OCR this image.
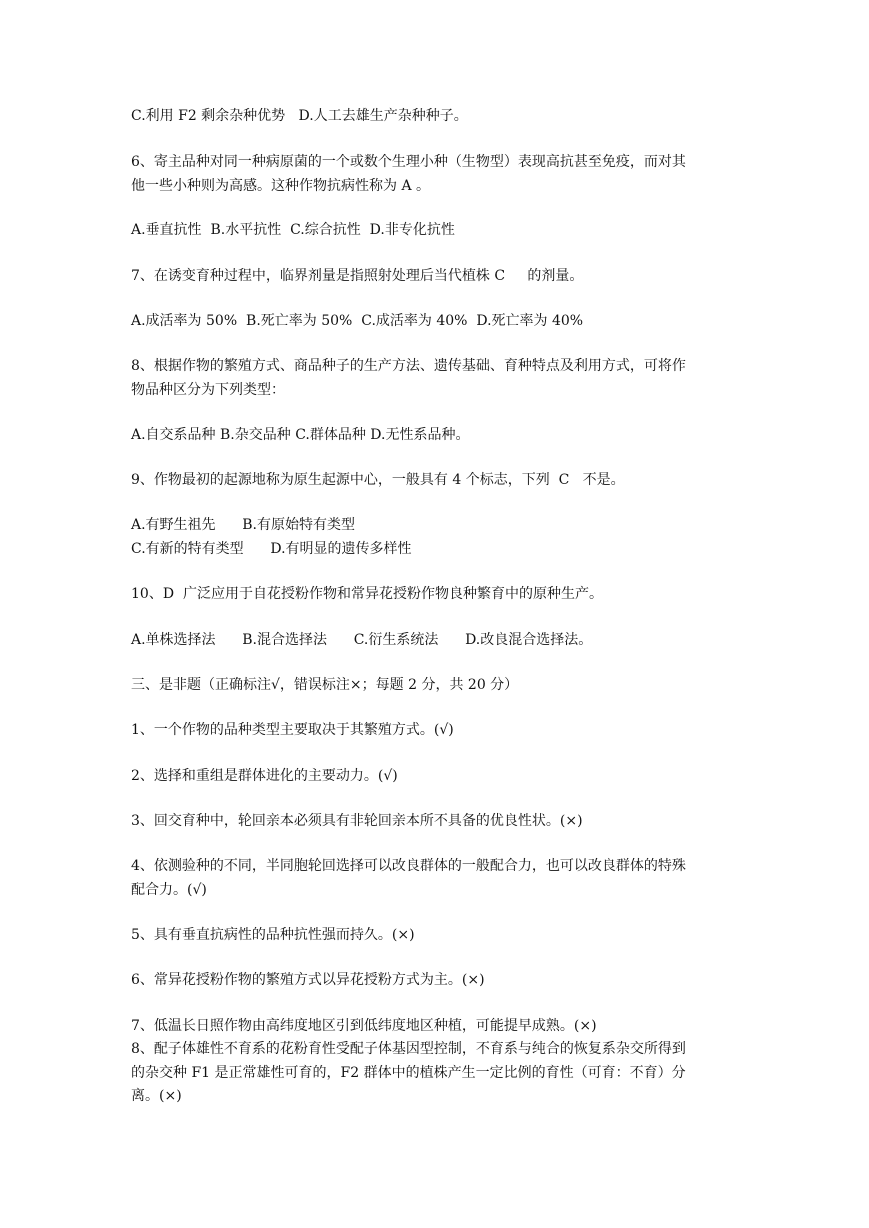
C.利用 F2 剩余杂种优势   D.人工去雄生产杂种种子。
6、寄主品种对同一种病原菌的一个或数个生理小种（生物型）表现高抗甚至免疫，而对其
他一些小种则为高感。这种作物抗病性称为 A 。
A.垂直抗性  B.水平抗性  C.综合抗性  D.非专化抗性
7、在诱变育种过程中，临界剂量是指照射处理后当代植株 C     的剂量。
A.成活率为 50%  B.死亡率为 50%  C.成活率为 40%  D.死亡率为 40%
8、根据作物的繁殖方式、商品种子的生产方法、遗传基础、育种特点及利用方式，可将作
物品种区分为下列类型：
A.自交系品种 B.杂交品种 C.群体品种 D.无性系品种。
9、作物最初的起源地称为原生起源中心，一般具有 4 个标志，下列  C   不是。
A.有野生祖先      B.有原始特有类型
C.有新的特有类型      D.有明显的遗传多样性
10、D  广泛应用于自花授粉作物和常异花授粉作物良种繁育中的原种生产。
A.单株选择法      B.混合选择法      C.衍生系统法      D.改良混合选择法。
三、是非题（正确标注√，错误标注×；每题 2 分，共 20 分）
1、一个作物的品种类型主要取决于其繁殖方式。(√)
2、选择和重组是群体进化的主要动力。(√)
3、回交育种中，轮回亲本必须具有非轮回亲本所不具备的优良性状。(×)
4、依测验种的不同，半同胞轮回选择可以改良群体的一般配合力，也可以改良群体的特殊
配合力。(√)
5、具有垂直抗病性的品种抗性强而持久。(×)
6、常异花授粉作物的繁殖方式以异花授粉方式为主。(×)
7、低温长日照作物由高纬度地区引到低纬度地区种植，可能提早成熟。(×)
8、配子体雄性不育系的花粉育性受配子体基因型控制，不育系与纯合的恢复系杂交所得到
的杂交种 F1 是正常雄性可育的，F2 群体中的植株产生一定比例的育性（可育：不育）分
离。(×)
